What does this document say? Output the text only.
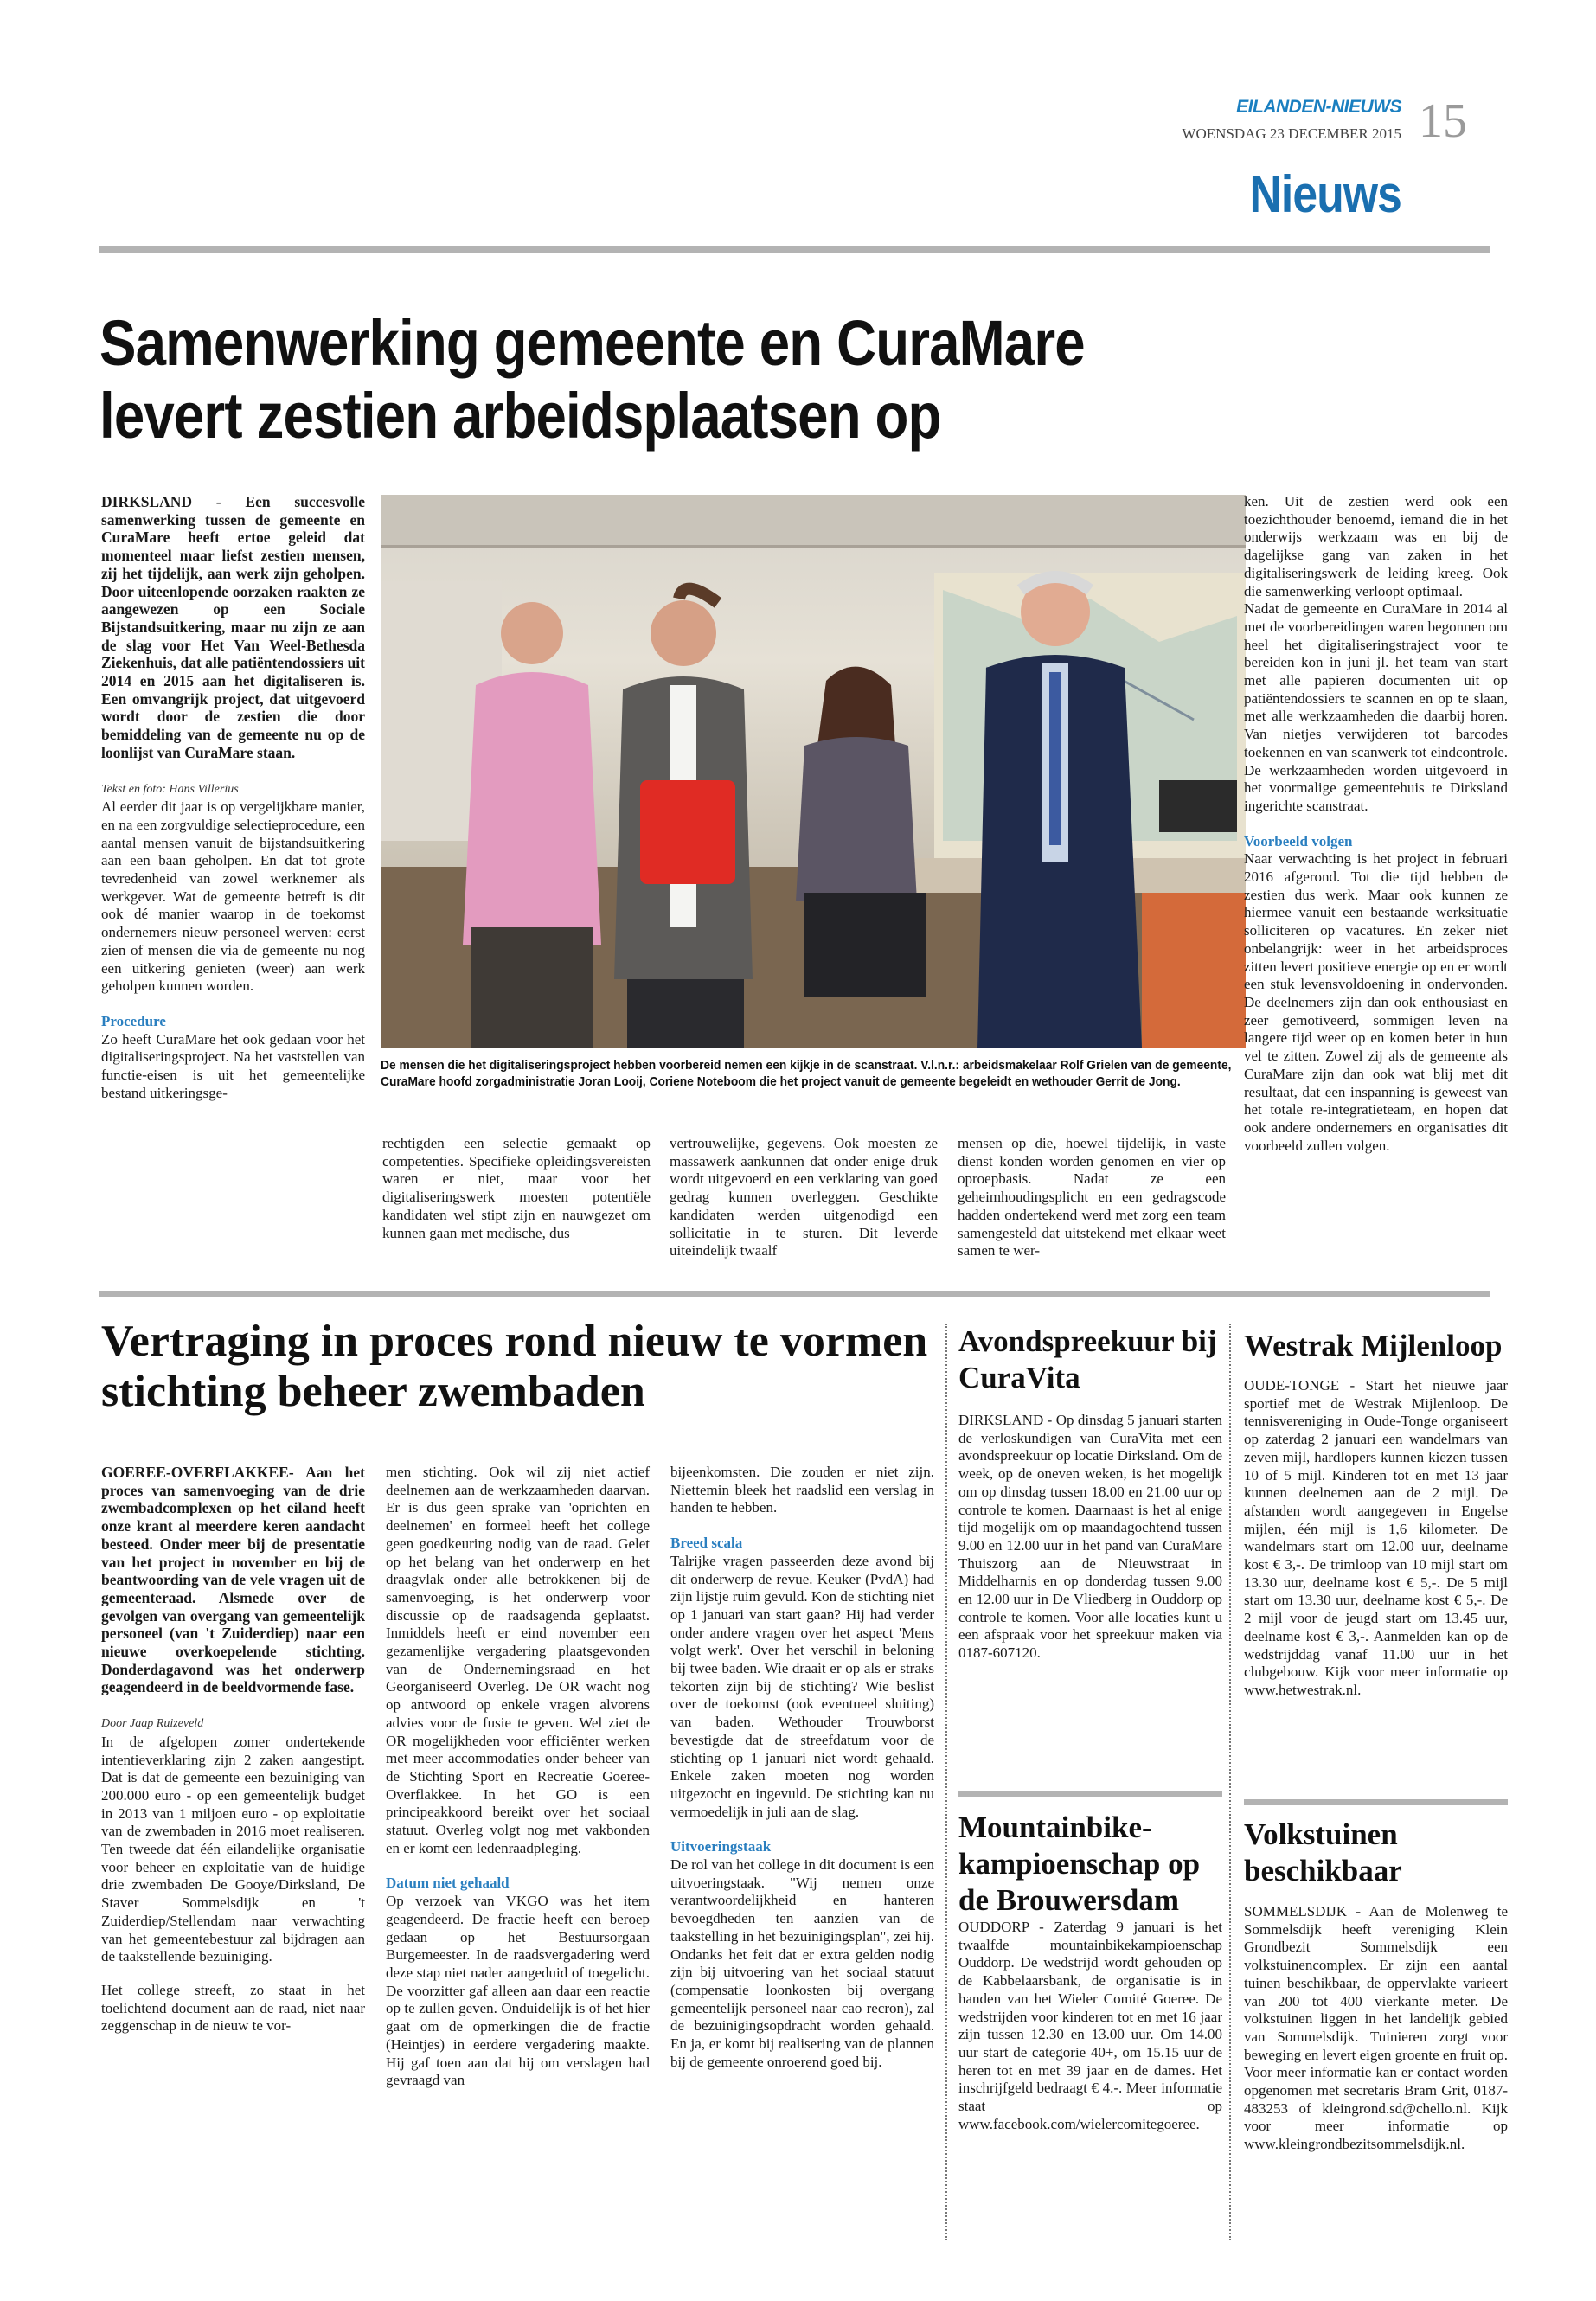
EILANDEN-NIEUWS
WOENSDAG 23 DECEMBER 2015 15
Nieuws
Samenwerking gemeente en CuraMare
levert zestien arbeidsplaatsen op

DIRKSLAND - Een succesvolle samenwerking tussen de gemeente en CuraMare heeft ertoe geleid dat momenteel maar liefst zestien mensen, zij het tijdelijk, aan werk zijn geholpen. Door uiteenlopende oorzaken raakten ze aangewezen op een Sociale Bijstandsuitkering, maar nu zijn ze aan de slag voor Het Van Weel-Bethesda Ziekenhuis, dat alle patiëntendossiers uit 2014 en 2015 aan het digitaliseren is. Een omvangrijk project, dat uitgevoerd wordt door de zestien die door bemiddeling van de gemeente nu op de loonlijst van CuraMare staan.

Tekst en foto: Hans Villerius

Al eerder dit jaar is op vergelijkbare manier, en na een zorgvuldige selectieprocedure, een aantal mensen vanuit de bijstandsuitkering aan een baan geholpen. En dat tot grote tevredenheid van zowel werknemer als werkgever. Wat de gemeente betreft is dit ook dé manier waarop in de toekomst ondernemers nieuw personeel werven: eerst zien of mensen die via de gemeente nu nog een uitkering genieten (weer) aan werk geholpen kunnen worden.

Procedure

Zo heeft CuraMare het ook gedaan voor het digitaliseringsproject. Na het vaststellen van functie-eisen is uit het gemeentelijke bestand uitkeringsge-

De mensen die het digitaliseringsproject hebben voorbereid nemen een kijkje in de scanstraat. V.l.n.r.: arbeidsmakelaar Rolf Grielen van de gemeente, CuraMare hoofd zorgadministratie Joran Looij, Coriene Noteboom die het project vanuit de gemeente begeleidt en wethouder Gerrit de Jong.
rechtigden een selectie gemaakt op competenties. Specifieke opleidingsvereisten waren er niet, maar voor het digitaliseringswerk moesten potentiële kandidaten wel stipt zijn en nauwgezet om kunnen gaan met medische, dus
vertrouwelijke, gegevens. Ook moesten ze massawerk aankunnen dat onder enige druk wordt uitgevoerd en een verklaring van goed gedrag kunnen overleggen. Geschikte kandidaten werden uitgenodigd een sollicitatie in te sturen. Dit leverde uiteindelijk twaalf
mensen op die, hoewel tijdelijk, in vaste dienst konden worden genomen en vier op oproepbasis. Nadat ze een geheimhoudingsplicht en een gedragscode hadden ondertekend werd met zorg een team samengesteld dat uitstekend met elkaar weet samen te wer-

ken. Uit de zestien werd ook een toezichthouder benoemd, iemand die in het onderwijs werkzaam was en bij de dagelijkse gang van zaken in het digitaliseringswerk de leiding kreeg. Ook die samenwerking verloopt optimaal.

Nadat de gemeente en CuraMare in 2014 al met de voorbereidingen waren begonnen om heel het digitaliseringstraject voor te bereiden kon in juni jl. het team van start met alle papieren documenten uit op patiëntendossiers te scannen en op te slaan, met alle werkzaamheden die daarbij horen. Van nietjes verwijderen tot barcodes toekennen en van scanwerk tot eindcontrole. De werkzaamheden worden uitgevoerd in het voormalige gemeentehuis te Dirksland ingerichte scanstraat.

Voorbeeld volgen

Naar verwachting is het project in februari 2016 afgerond. Tot die tijd hebben de zestien dus werk. Maar ook kunnen ze hiermee vanuit een bestaande werksituatie solliciteren op vacatures. En zeker niet onbelangrijk: weer in het arbeidsproces zitten levert positieve energie op en er wordt een stuk levensvoldoening in ondervonden. De deelnemers zijn dan ook enthousiast en zeer gemotiveerd, sommigen leven na langere tijd weer op en komen beter in hun vel te zitten. Zowel zij als de gemeente als CuraMare zijn dan ook wat blij met dit resultaat, dat een inspanning is geweest van het totale re-integratieteam, en hopen dat ook andere ondernemers en organisaties dit voorbeeld zullen volgen.

Vertraging in proces rond nieuw te vormen stichting beheer zwembaden

GOEREE-OVERFLAKKEE- Aan het proces van samenvoeging van de drie zwembadcomplexen op het eiland heeft onze krant al meerdere keren aandacht besteed. Onder meer bij de presentatie van het project in november en bij de beantwoording van de vele vragen uit de gemeenteraad. Alsmede over de gevolgen van overgang van gemeentelijk personeel (van 't Zuiderdiep) naar een nieuwe overkoepelende stichting. Donderdagavond was het onderwerp geagendeerd in de beeldvormende fase.

Door Jaap Ruizeveld

In de afgelopen zomer ondertekende intentieverklaring zijn 2 zaken aangestipt. Dat is dat de gemeente een bezuiniging van 200.000 euro - op een gemeentelijk budget in 2013 van 1 miljoen euro - op exploitatie van de zwembaden in 2016 moet realiseren. Ten tweede dat één eilandelijke organisatie voor beheer en exploitatie van de huidige drie zwembaden De Gooye/Dirksland, De Staver Sommelsdijk en 't Zuiderdiep/Stellendam naar verwachting van het gemeentebestuur zal bijdragen aan de taakstellende bezuiniging.

Het college streeft, zo staat in het toelichtend document aan de raad, niet naar zeggenschap in de nieuw te vor-

men stichting. Ook wil zij niet actief deelnemen aan de werkzaamheden daarvan. Er is dus geen sprake van 'oprichten en deelnemen' en formeel heeft het college geen goedkeuring nodig van de raad. Gelet op het belang van het onderwerp en het draagvlak onder alle betrokkenen bij de samenvoeging, is het onderwerp voor discussie op de raadsagenda geplaatst. Inmiddels heeft er eind november een gezamenlijke vergadering plaatsgevonden van de Ondernemingsraad en het Georganiseerd Overleg. De OR wacht nog op antwoord op enkele vragen alvorens advies voor de fusie te geven. Wel ziet de OR mogelijkheden voor efficiënter werken met meer accommodaties onder beheer van de Stichting Sport en Recreatie Goeree-Overflakkee. In het GO is een principeakkoord bereikt over het sociaal statuut. Overleg volgt nog met vakbonden en er komt een ledenraadpleging.

Datum niet gehaald

Op verzoek van VKGO was het item geagendeerd. De fractie heeft een beroep gedaan op het Bestuursorgaan Burgemeester. In de raadsvergadering werd deze stap niet nader aangeduid of toegelicht. De voorzitter gaf alleen aan daar een reactie op te zullen geven. Onduidelijk is of het hier gaat om de opmerkingen die de fractie (Heintjes) in eerdere vergadering maakte. Hij gaf toen aan dat hij om verslagen had gevraagd van

bijeenkomsten. Die zouden er niet zijn. Niettemin bleek het raadslid een verslag in handen te hebben.

Breed scala

Talrijke vragen passeerden deze avond bij dit onderwerp de revue. Keuker (PvdA) had zijn lijstje ruim gevuld. Kon de stichting niet op 1 januari van start gaan? Hij had verder onder andere vragen over het aspect 'Mens volgt werk'. Over het verschil in beloning bij twee baden. Wie draait er op als er straks tekorten zijn bij de stichting? Wie beslist over de toekomst (ook eventueel sluiting) van baden. Wethouder Trouwborst bevestigde dat de streefdatum voor de stichting op 1 januari niet wordt gehaald. Enkele zaken moeten nog worden uitgezocht en ingevuld. De stichting kan nu vermoedelijk in juli aan de slag.

Uitvoeringstaak

De rol van het college in dit document is een uitvoeringstaak. "Wij nemen onze verantwoordelijkheid en hanteren bevoegdheden ten aanzien van de taakstelling in het bezuinigingsplan", zei hij. Ondanks het feit dat er extra gelden nodig zijn bij uitvoering van het sociaal statuut (compensatie loonkosten bij overgang gemeentelijk personeel naar cao recron), zal de bezuinigingsopdracht worden gehaald. En ja, er komt bij realisering van de plannen bij de gemeente onroerend goed bij.

Avondspreekuur bij CuraVita
DIRKSLAND - Op dinsdag 5 januari starten de verloskundigen van CuraVita met een avondspreekuur op locatie Dirksland. Om de week, op de oneven weken, is het mogelijk om op dinsdag tussen 18.00 en 21.00 uur op controle te komen. Daarnaast is het al enige tijd mogelijk om op maandagochtend tussen 9.00 en 12.00 uur in het pand van CuraMare Thuiszorg aan de Nieuwstraat in Middelharnis en op donderdag tussen 9.00 en 12.00 uur in De Vliedberg in Ouddorp op controle te komen. Voor alle locaties kunt u een afspraak voor het spreekuur maken via 0187-607120.
Mountainbike-kampioenschap op de Brouwersdam
OUDDORP - Zaterdag 9 januari is het twaalfde mountainbikekampioenschap Ouddorp. De wedstrijd wordt gehouden op de Kabbelaarsbank, de organisatie is in handen van het Wieler Comité Goeree. De wedstrijden voor kinderen tot en met 16 jaar zijn tussen 12.30 en 13.00 uur. Om 14.00 uur start de categorie 40+, om 15.15 uur de heren tot en met 39 jaar en de dames. Het inschrijfgeld bedraagt € 4.-. Meer informatie staat op www.facebook.com/wielercomitegoeree.
Westrak Mijlenloop
OUDE-TONGE - Start het nieuwe jaar sportief met de Westrak Mijlenloop. De tennisvereniging in Oude-Tonge organiseert op zaterdag 2 januari een wandelmars van zeven mijl, hardlopers kunnen kiezen tussen 10 of 5 mijl. Kinderen tot en met 13 jaar kunnen deelnemen aan de 2 mijl. De afstanden wordt aangegeven in Engelse mijlen, één mijl is 1,6 kilometer. De wandelmars start om 12.00 uur, deelname kost € 3,-. De trimloop van 10 mijl start om 13.30 uur, deelname kost € 5,-. De 5 mijl start om 13.30 uur, deelname kost € 5,-. De 2 mijl voor de jeugd start om 13.45 uur, deelname kost € 3,-. Aanmelden kan op de wedstrijddag vanaf 11.00 uur in het clubgebouw. Kijk voor meer informatie op www.hetwestrak.nl.
Volkstuinen beschikbaar
SOMMELSDIJK - Aan de Molenweg te Sommelsdijk heeft vereniging Klein Grondbezit Sommelsdijk een volkstuinencomplex. Er zijn een aantal tuinen beschikbaar, de oppervlakte varieert van 200 tot 400 vierkante meter. De volkstuinen liggen in het landelijk gebied van Sommelsdijk. Tuinieren zorgt voor beweging en levert eigen groente en fruit op. Voor meer informatie kan er contact worden opgenomen met secretaris Bram Grit, 0187-483253 of kleingrond.sd@chello.nl. Kijk voor meer informatie op www.kleingrondbezitsommelsdijk.nl.
